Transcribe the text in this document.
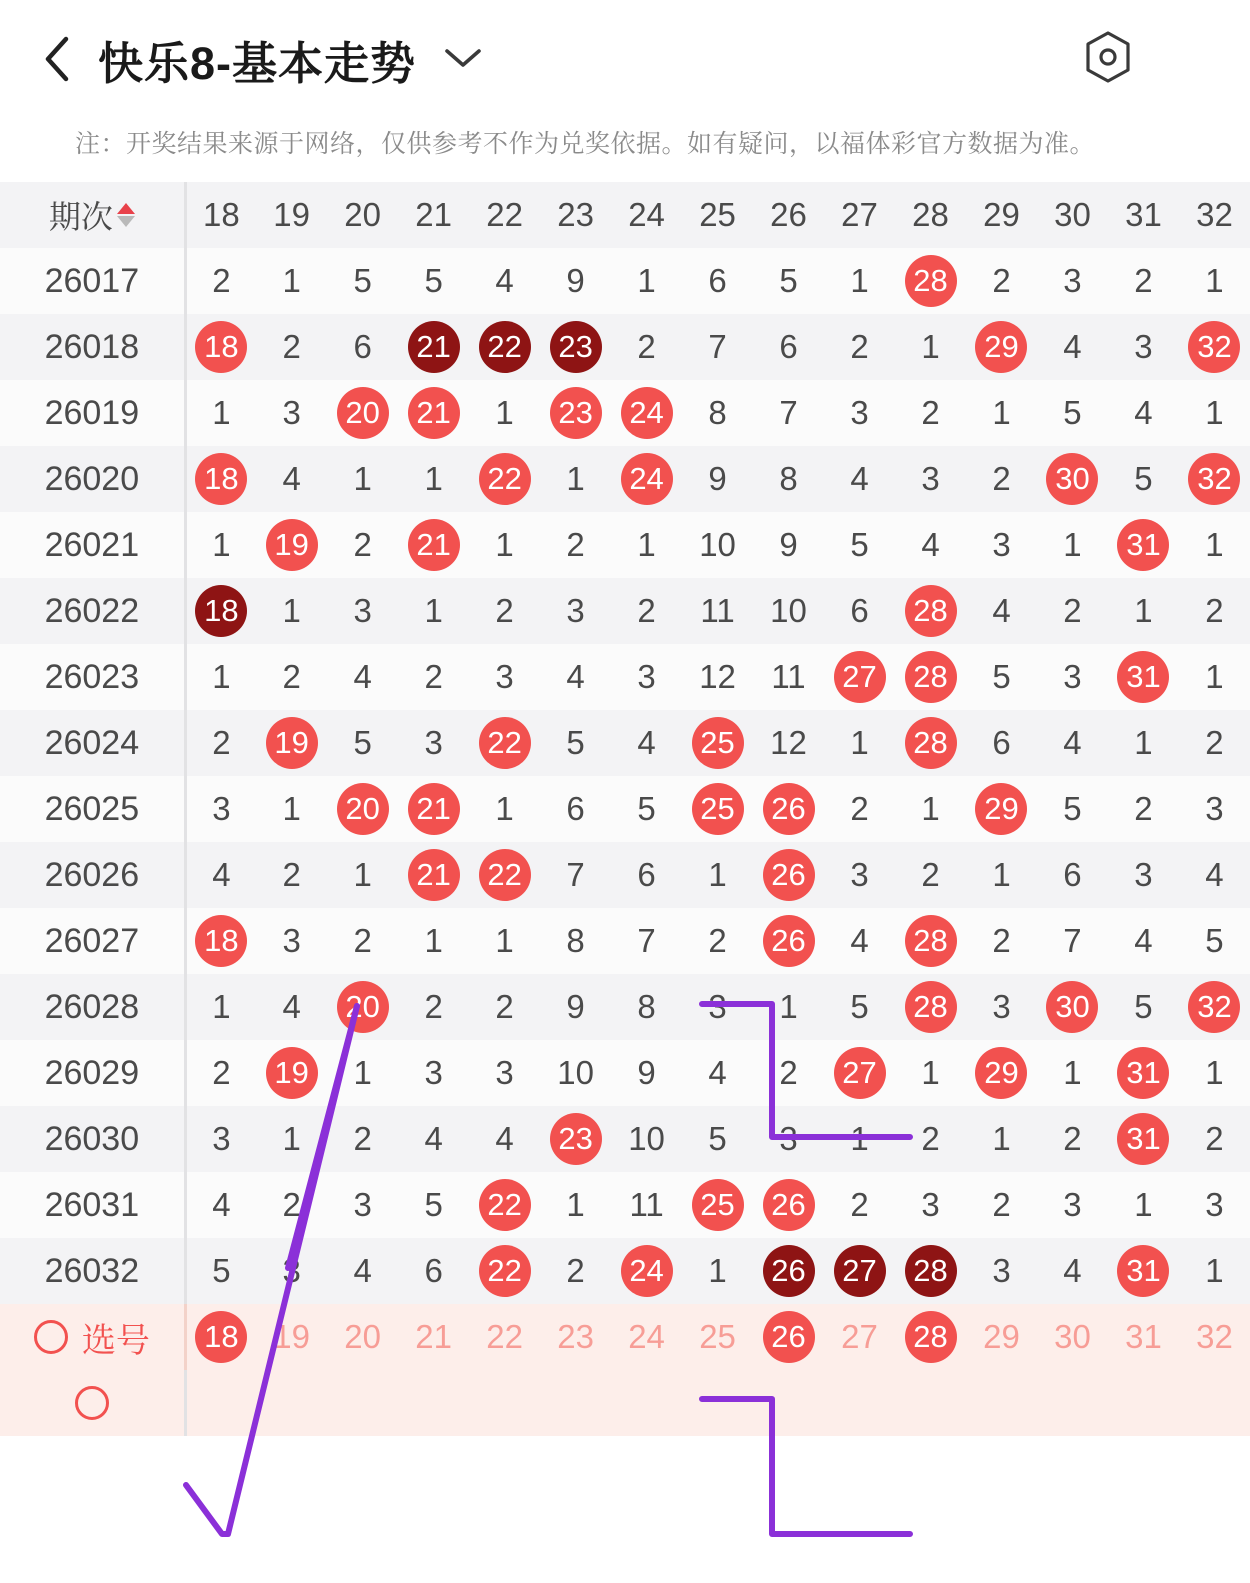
快乐8-基本走势
注：开奖结果来源于网络，仅供参考不作为兑奖依据。如有疑问，以福体彩官方数据为准。
期次	18	19	20	21	22	23	24	25	26	27	28	29	30	31	32
26017	2	1	5	5	4	9	1	6	5	1	28	2	3	2	1
26018	18	2	6	21	22	23	2	7	6	2	1	29	4	3	32
26019	1	3	20	21	1	23	24	8	7	3	2	1	5	4	1
26020	18	4	1	1	22	1	24	9	8	4	3	2	30	5	32
26021	1	19	2	21	1	2	1	10	9	5	4	3	1	31	1
26022	18	1	3	1	2	3	2	11	10	6	28	4	2	1	2
26023	1	2	4	2	3	4	3	12	11	27	28	5	3	31	1
26024	2	19	5	3	22	5	4	25	12	1	28	6	4	1	2
26025	3	1	20	21	1	6	5	25	26	2	1	29	5	2	3
26026	4	2	1	21	22	7	6	1	26	3	2	1	6	3	4
26027	18	3	2	1	1	8	7	2	26	4	28	2	7	4	5
26028	1	4	20	2	2	9	8	3	1	5	28	3	30	5	32
26029	2	19	1	3	3	10	9	4	2	27	1	29	1	31	1
26030	3	1	2	4	4	23	10	5	3	1	2	1	2	31	2
26031	4	2	3	5	22	1	11	25	26	2	3	2	3	1	3
26032	5	3	4	6	22	2	24	1	26	27	28	3	4	31	1

选号	18	19	20	21	22	23	24	25	26	27	28	29	30	31	32
